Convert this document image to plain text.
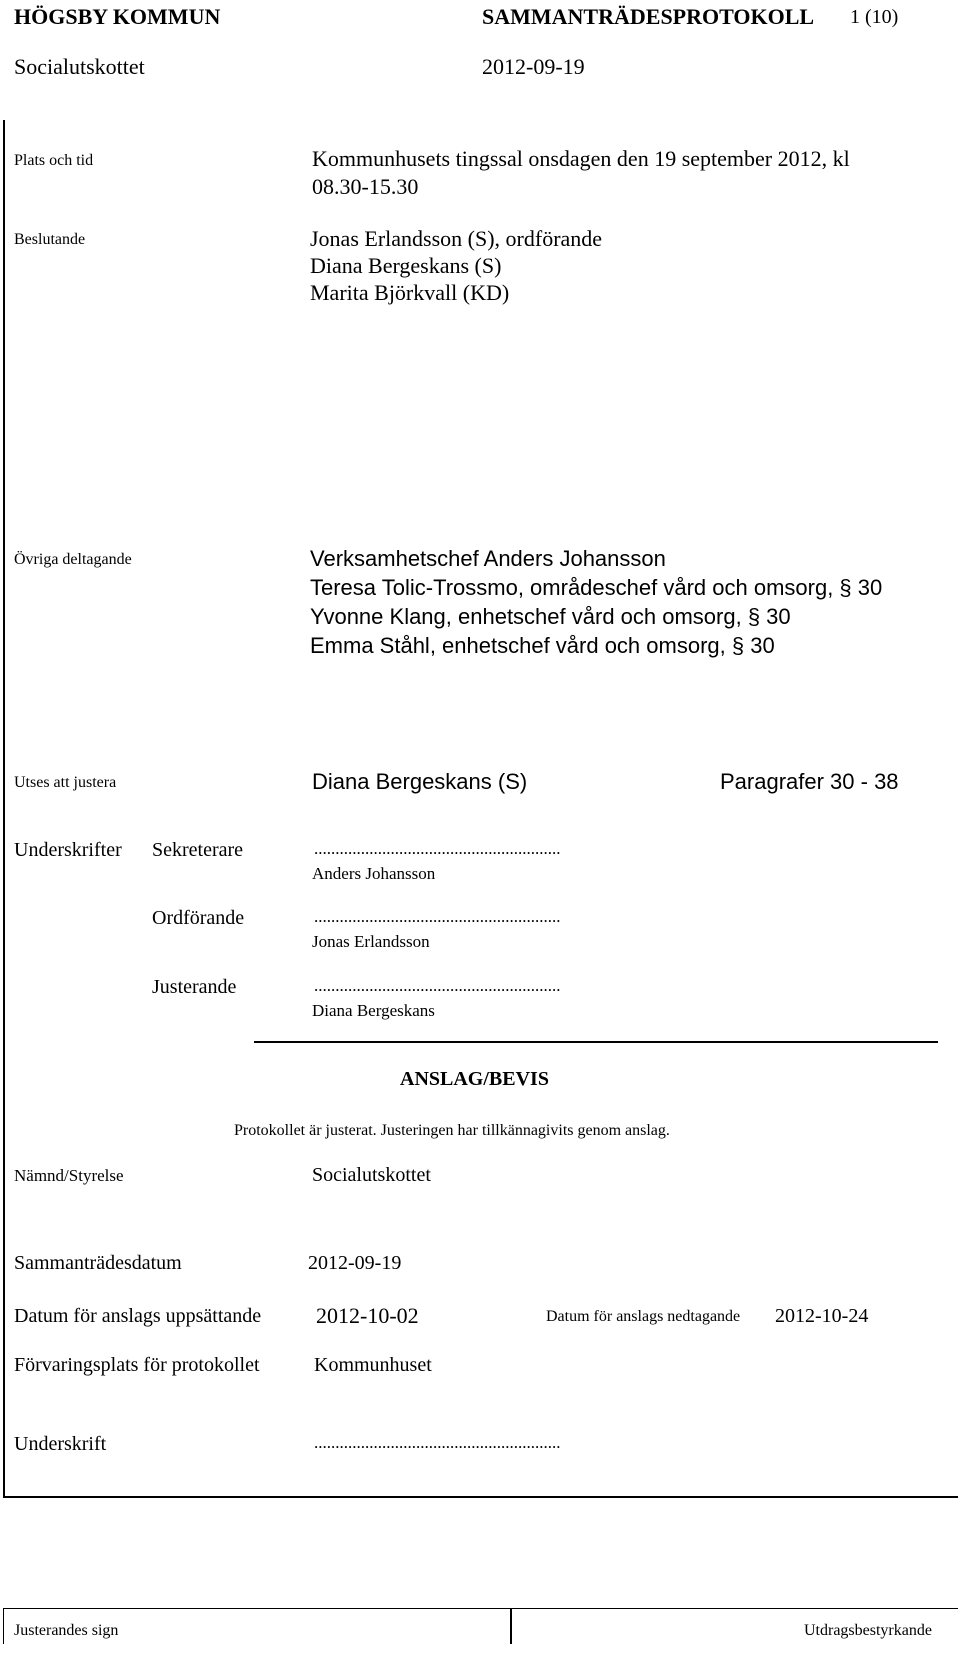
HÖGSBY KOMMUN	SAMMANTRÄDESPROTOKOLL 1 (10)
Socialutskottet	2012-09-19
Plats och tid	Kommunhusets tingssal onsdagen den 19 september 2012, kl
08.30-15.30
Beslutande	Jonas Erlandsson (S), ordförande
Diana Bergeskans (S)
Marita Björkvall (KD)
Övriga deltagande	Verksamhetschef Anders Johansson
Teresa Tolic-Trossmo, områdeschef vård och omsorg, § 30
Yvonne Klang, enhetschef vård och omsorg, § 30
Emma Ståhl, enhetschef vård och omsorg, § 30
Utses att justera	Diana Bergeskans (S)	Paragrafer 30 - 38
Underskrifter Sekreterare	..........................................................
Anders Johansson
Ordförande	..........................................................
Jonas Erlandsson
Justerande	..........................................................
Diana Bergeskans
ANSLAG/BEVIS
Protokollet är justerat. Justeringen har tillkännagivits genom anslag.
Nämnd/Styrelse	Socialutskottet
Sammanträdesdatum	2012-09-19
Datum för anslags uppsättande 2012-10-02	Datum för anslags nedtagande 2012-10-24
Förvaringsplats för protokollet	Kommunhuset
Underskrift	..........................................................
Justerandes sign	Utdragsbestyrkande
